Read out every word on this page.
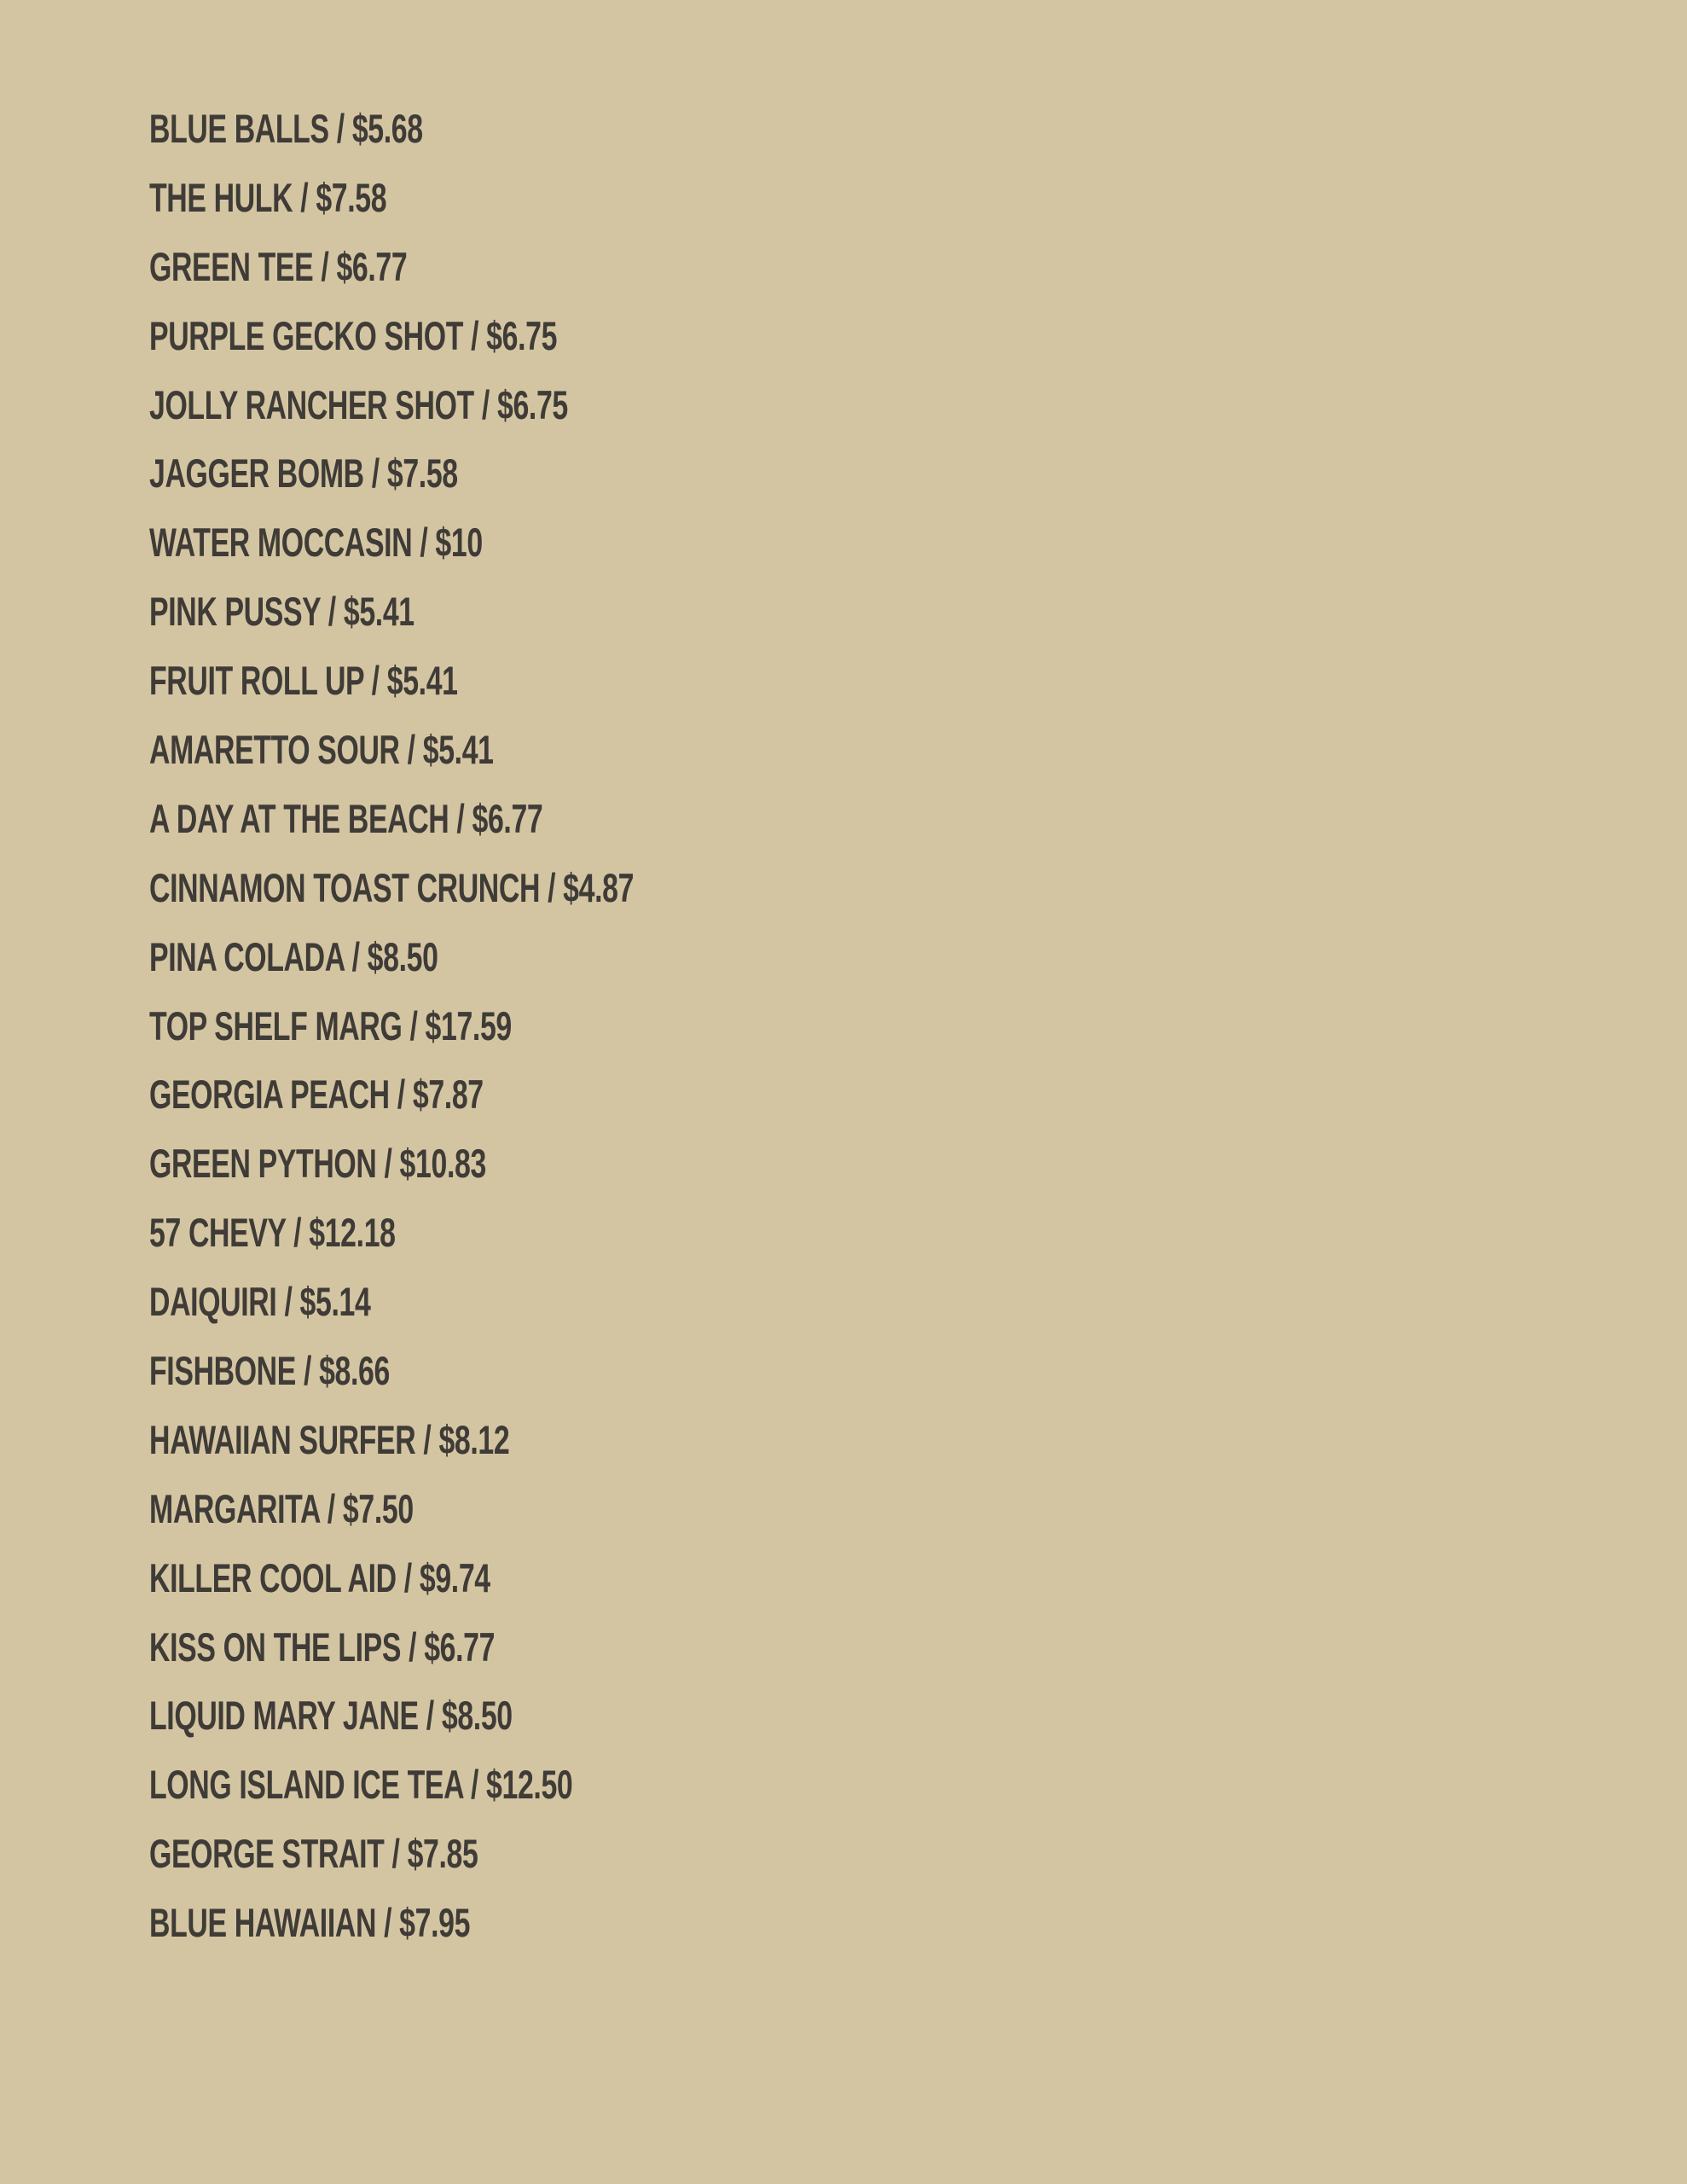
BLUE BALLS / $5.68
THE HULK / $7.58
GREEN TEE / $6.77
PURPLE GECKO SHOT / $6.75
JOLLY RANCHER SHOT / $6.75
JAGGER BOMB / $7.58
WATER MOCCASIN / $10
PINK PUSSY / $5.41
FRUIT ROLL UP / $5.41
AMARETTO SOUR / $5.41
A DAY AT THE BEACH / $6.77
CINNAMON TOAST CRUNCH / $4.87
PINA COLADA / $8.50
TOP SHELF MARG / $17.59
GEORGIA PEACH / $7.87
GREEN PYTHON / $10.83
57 CHEVY / $12.18
DAIQUIRI / $5.14
FISHBONE / $8.66
HAWAIIAN SURFER / $8.12
MARGARITA / $7.50
KILLER COOL AID / $9.74
KISS ON THE LIPS / $6.77
LIQUID MARY JANE / $8.50
LONG ISLAND ICE TEA / $12.50
GEORGE STRAIT / $7.85
BLUE HAWAIIAN / $7.95
